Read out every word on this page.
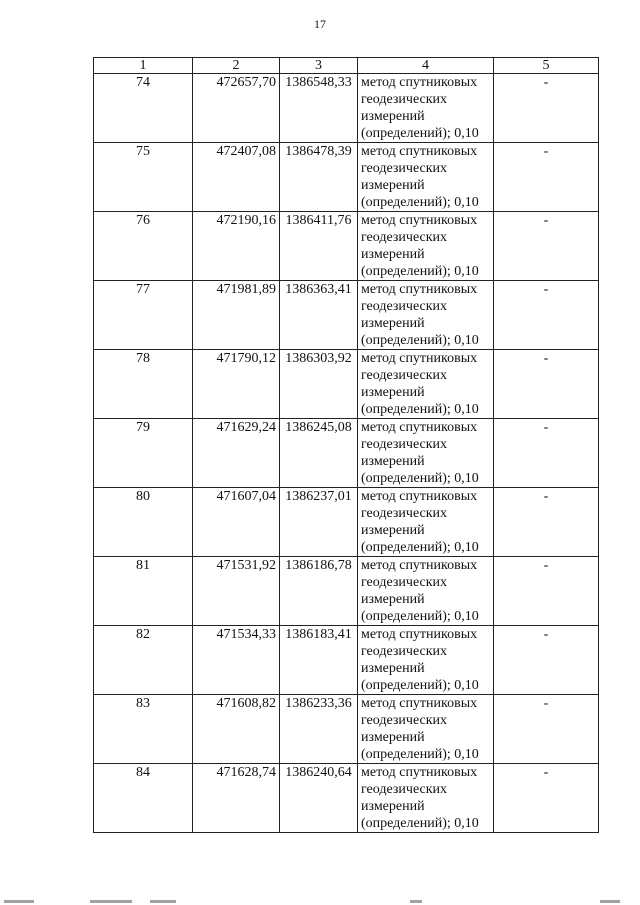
17
1	2	3	4	5
74	472657,70	1386548,33	метод спутниковых геодезических измерений (определений); 0,10	-
75	472407,08	1386478,39	метод спутниковых геодезических измерений (определений); 0,10	-
76	472190,16	1386411,76	метод спутниковых геодезических измерений (определений); 0,10	-
77	471981,89	1386363,41	метод спутниковых геодезических измерений (определений); 0,10	-
78	471790,12	1386303,92	метод спутниковых геодезических измерений (определений); 0,10	-
79	471629,24	1386245,08	метод спутниковых геодезических измерений (определений); 0,10	-
80	471607,04	1386237,01	метод спутниковых геодезических измерений (определений); 0,10	-
81	471531,92	1386186,78	метод спутниковых геодезических измерений (определений); 0,10	-
82	471534,33	1386183,41	метод спутниковых геодезических измерений (определений); 0,10	-
83	471608,82	1386233,36	метод спутниковых геодезических измерений (определений); 0,10	-
84	471628,74	1386240,64	метод спутниковых геодезических измерений (определений); 0,10	-
